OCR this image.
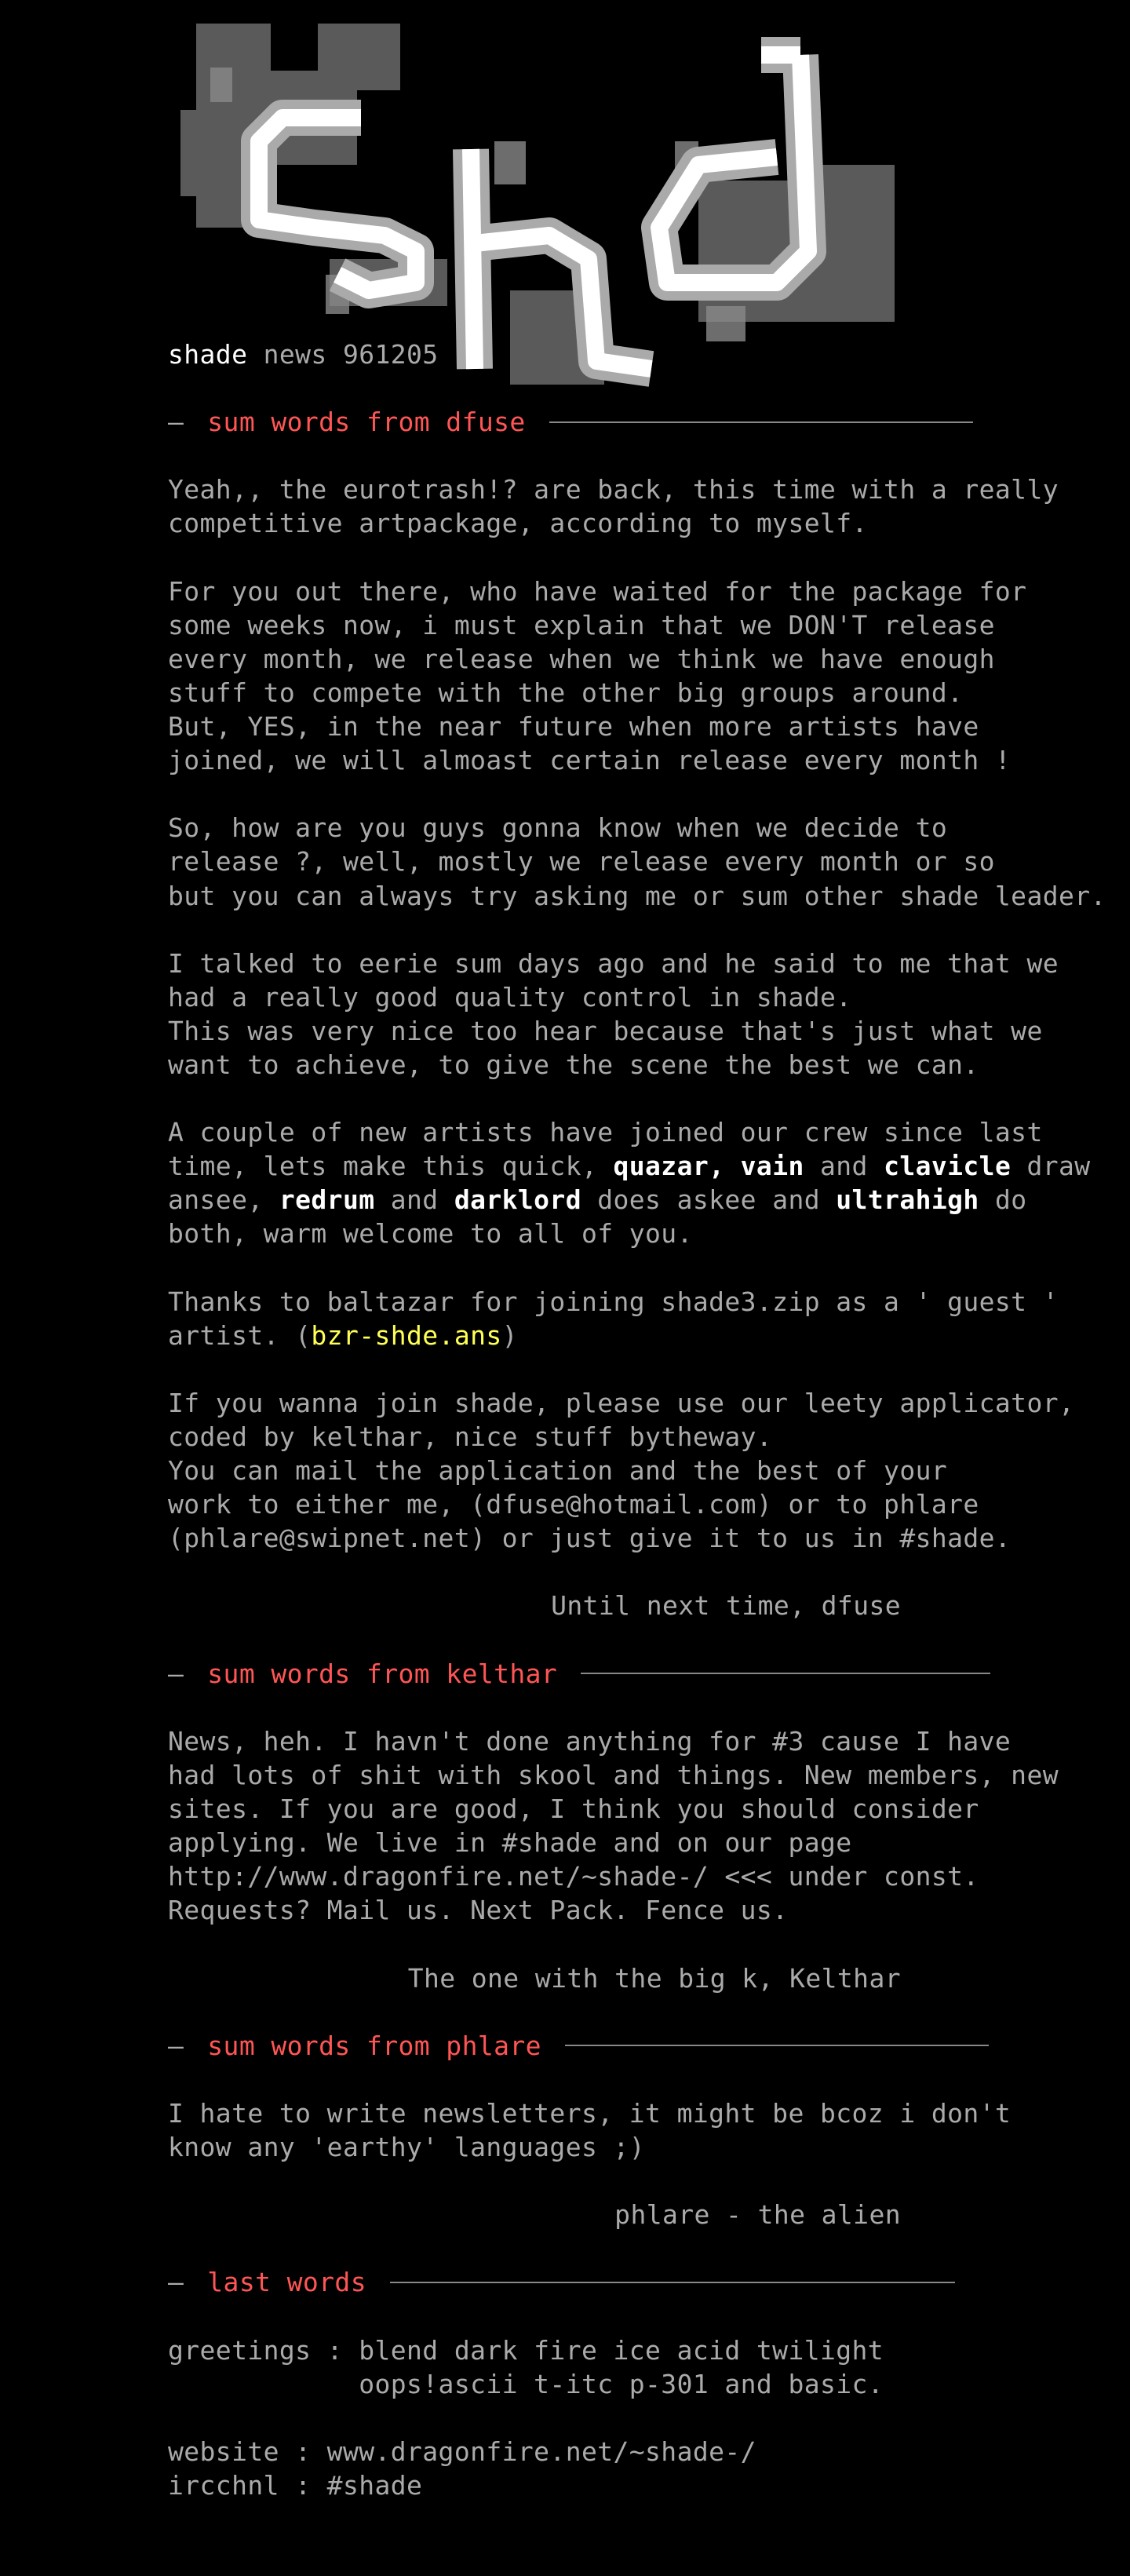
shade news 961205

— sum words from dfuse

Yeah,, the eurotrash!? are back, this time with a really
competitive artpackage, according to myself.

For you out there, who have waited for the package for
some weeks now, i must explain that we DON'T release
every month, we release when we think we have enough
stuff to compete with the other big groups around.
But, YES, in the near future when more artists have
joined, we will almoast certain release every month !

So, how are you guys gonna know when we decide to
release ?, well, mostly we release every month or so
but you can always try asking me or sum other shade leader.

I talked to eerie sum days ago and he said to me that we
had a really good quality control in shade.
This was very nice too hear because that's just what we
want to achieve, to give the scene the best we can.

A couple of new artists have joined our crew since last
time, lets make this quick, quazar, vain and clavicle draw
ansee, redrum and darklord does askee and ultrahigh do
both, warm welcome to all of you.

Thanks to baltazar for joining shade3.zip as a ' guest '
artist. (bzr-shde.ans)

If you wanna join shade, please use our leety applicator,
coded by kelthar, nice stuff bytheway.
You can mail the application and the best of your
work to either me, (dfuse@hotmail.com) or to phlare
(phlare@swipnet.net) or just give it to us in #shade.

Until next time, dfuse

— sum words from kelthar

News, heh. I havn't done anything for #3 cause I have
had lots of shit with skool and things. New members, new
sites. If you are good, I think you should consider
applying. We live in #shade and on our page
http://www.dragonfire.net/~shade-/ <<< under const.
Requests? Mail us. Next Pack. Fence us.

The one with the big k, Kelthar

— sum words from phlare

I hate to write newsletters, it might be bcoz i don't
know any 'earthy' languages ;)

phlare - the alien

— last words

greetings : blend dark fire ice acid twilight
oops!ascii t-itc p-301 and basic.

website : www.dragonfire.net/~shade-/
ircchnl : #shade
